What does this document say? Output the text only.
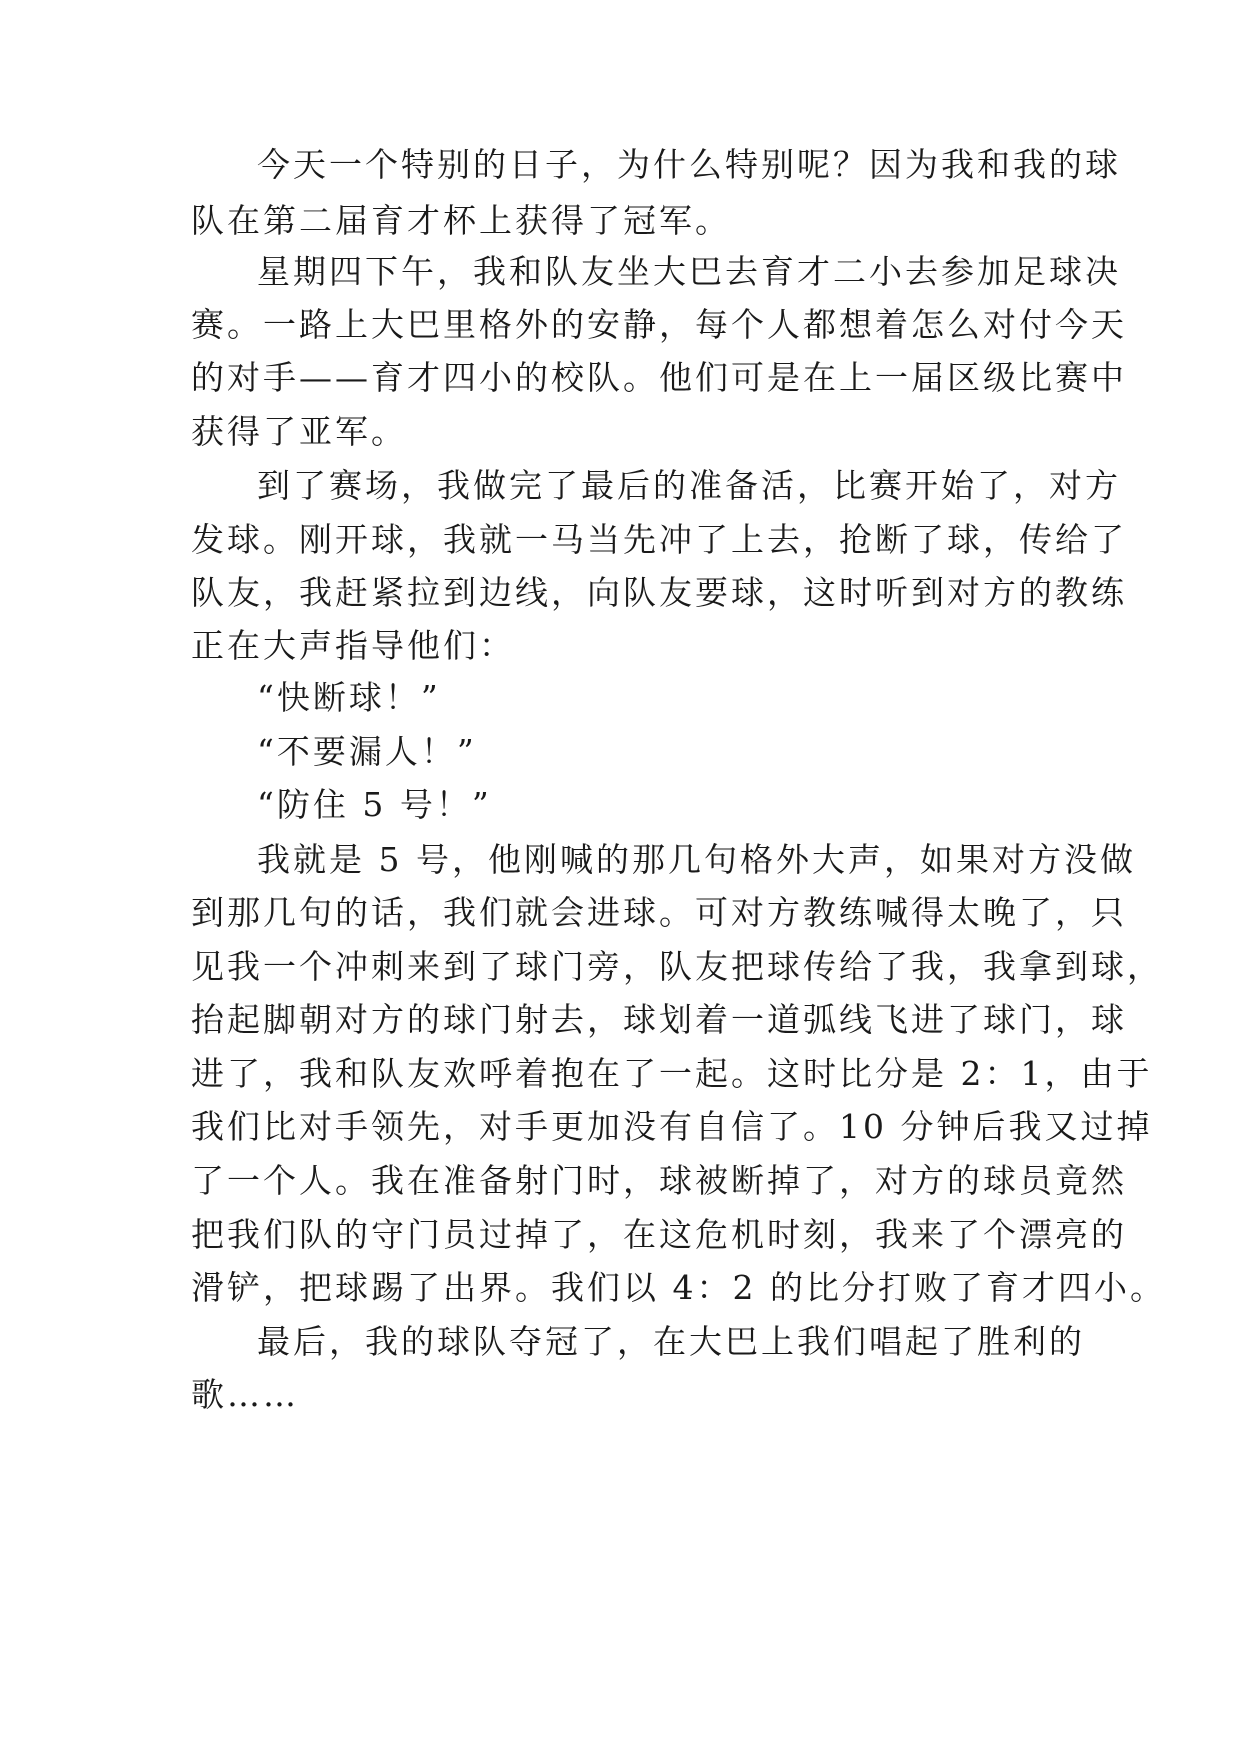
今天一个特别的日子，为什么特别呢？因为我和我的球

队在第二届育才杯上获得了冠军。

星期四下午，我和队友坐大巴去育才二小去参加足球决

赛。一路上大巴里格外的安静，每个人都想着怎么对付今天

的对手——育才四小的校队。他们可是在上一届区级比赛中

获得了亚军。

到了赛场，我做完了最后的准备活，比赛开始了，对方

发球。刚开球，我就一马当先冲了上去，抢断了球，传给了

队友，我赶紧拉到边线，向队友要球，这时听到对方的教练

正在大声指导他们：

“快断球！”

“不要漏人！”

“防住 5 号！”

我就是 5 号，他刚喊的那几句格外大声，如果对方没做

到那几句的话，我们就会进球。可对方教练喊得太晚了，只

见我一个冲刺来到了球门旁，队友把球传给了我，我拿到球，

抬起脚朝对方的球门射去，球划着一道弧线飞进了球门，球

进了，我和队友欢呼着抱在了一起。这时比分是 2：1，由于

我们比对手领先，对手更加没有自信了。10 分钟后我又过掉

了一个人。我在准备射门时，球被断掉了，对方的球员竟然

把我们队的守门员过掉了，在这危机时刻，我来了个漂亮的

滑铲，把球踢了出界。我们以 4：2 的比分打败了育才四小。

最后，我的球队夺冠了，在大巴上我们唱起了胜利的

歌……
